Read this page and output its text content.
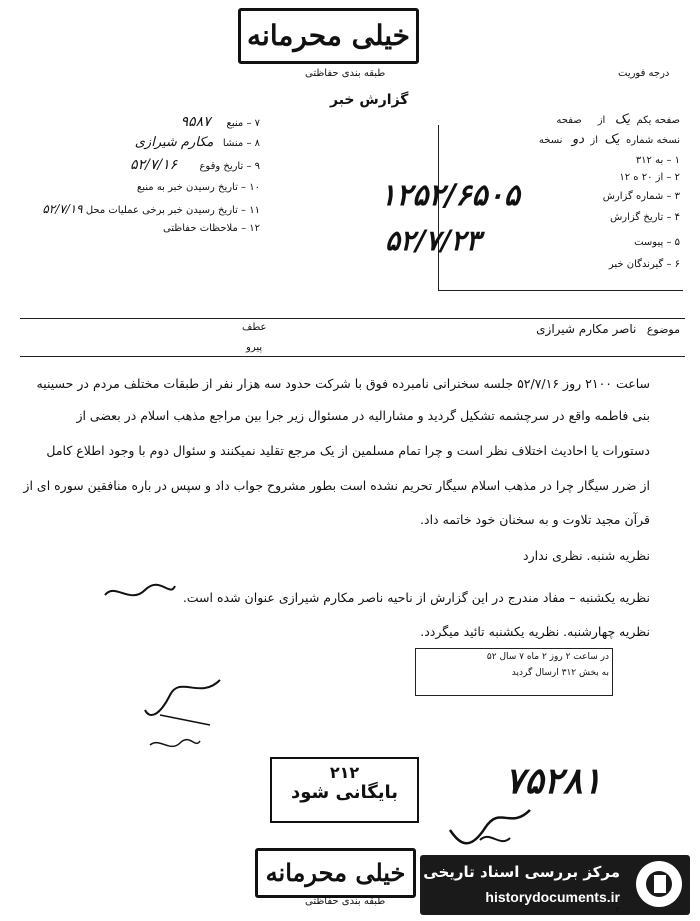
خیلی محرمانه
طبقه بندی حفاظتی
گزارش خبر
درجه فوریت
صفحه یکم  یک   از     صفحه
نسخه شماره  یک  از  دو   نسخه
۱ – به ۳۱۲
۲ – از ۲۰ ه ۱۲
۳ – شماره گزارش
۴ – تاریخ گزارش
۵ – پیوست
۶ – گیرندگان خبر
۷ – منبع     ۹۵۸۷
۸ – منشا   مکارم شیرازی
۹ – تاریخ وقوع       ۵۲/۷/۱۶
۱۰ – تاریخ رسیدن خبر به منبع
۱۱ – تاریخ رسیدن خبر برخی عملیات محل ۵۲/۷/۱۹
۱۲ – ملاحظات حفاظتی
۱۲۵۲/۶۵۰۵
۵۲/۷/۲۳
موضوع   ناصر مکارم شیرازی
عطف
پیرو
ساعت ۲۱۰۰ روز ۵۲/۷/۱۶ جلسه سخنرانی نامبرده فوق با شرکت حدود سه هزار نفر از طبقات مختلف مردم در حسینیه
بنی فاطمه واقع در سرچشمه تشکیل گردید و مشارالیه در مسئوال زیر جرا بین مراجع مذهب اسلام در بعضی از
دستورات یا احادیث اختلاف نظر است و چرا تمام مسلمین از یک مرجع تقلید نمیکنند و سئوال دوم با وجود اطلاع کامل
از ضرر سیگار چرا در مذهب اسلام سیگار تحریم نشده است بطور مشروح جواب داد و سپس در باره منافقین سوره ای از
قرآن مجید تلاوت و به سخنان خود خاتمه داد.
نظریه شنبه. نظری ندارد
نظریه یکشنبه – مفاد مندرج در این گزارش از ناحیه ناصر مکارم شیرازی عنوان شده است.
نظریه چهارشنبه. نظریه یکشنبه تائید میگردد.
در ساعت ۲ روز ۲ ماه ۷ سال ۵۲
به بخش ۳۱۲ ارسال گردید
۲۱۲
بایگانی شود	۷۵۲۸۱
خیلی محرمانه
طبقه بندی حفاظتی
مرکز بررسی اسناد تاریخی
historydocuments.ir
۳
